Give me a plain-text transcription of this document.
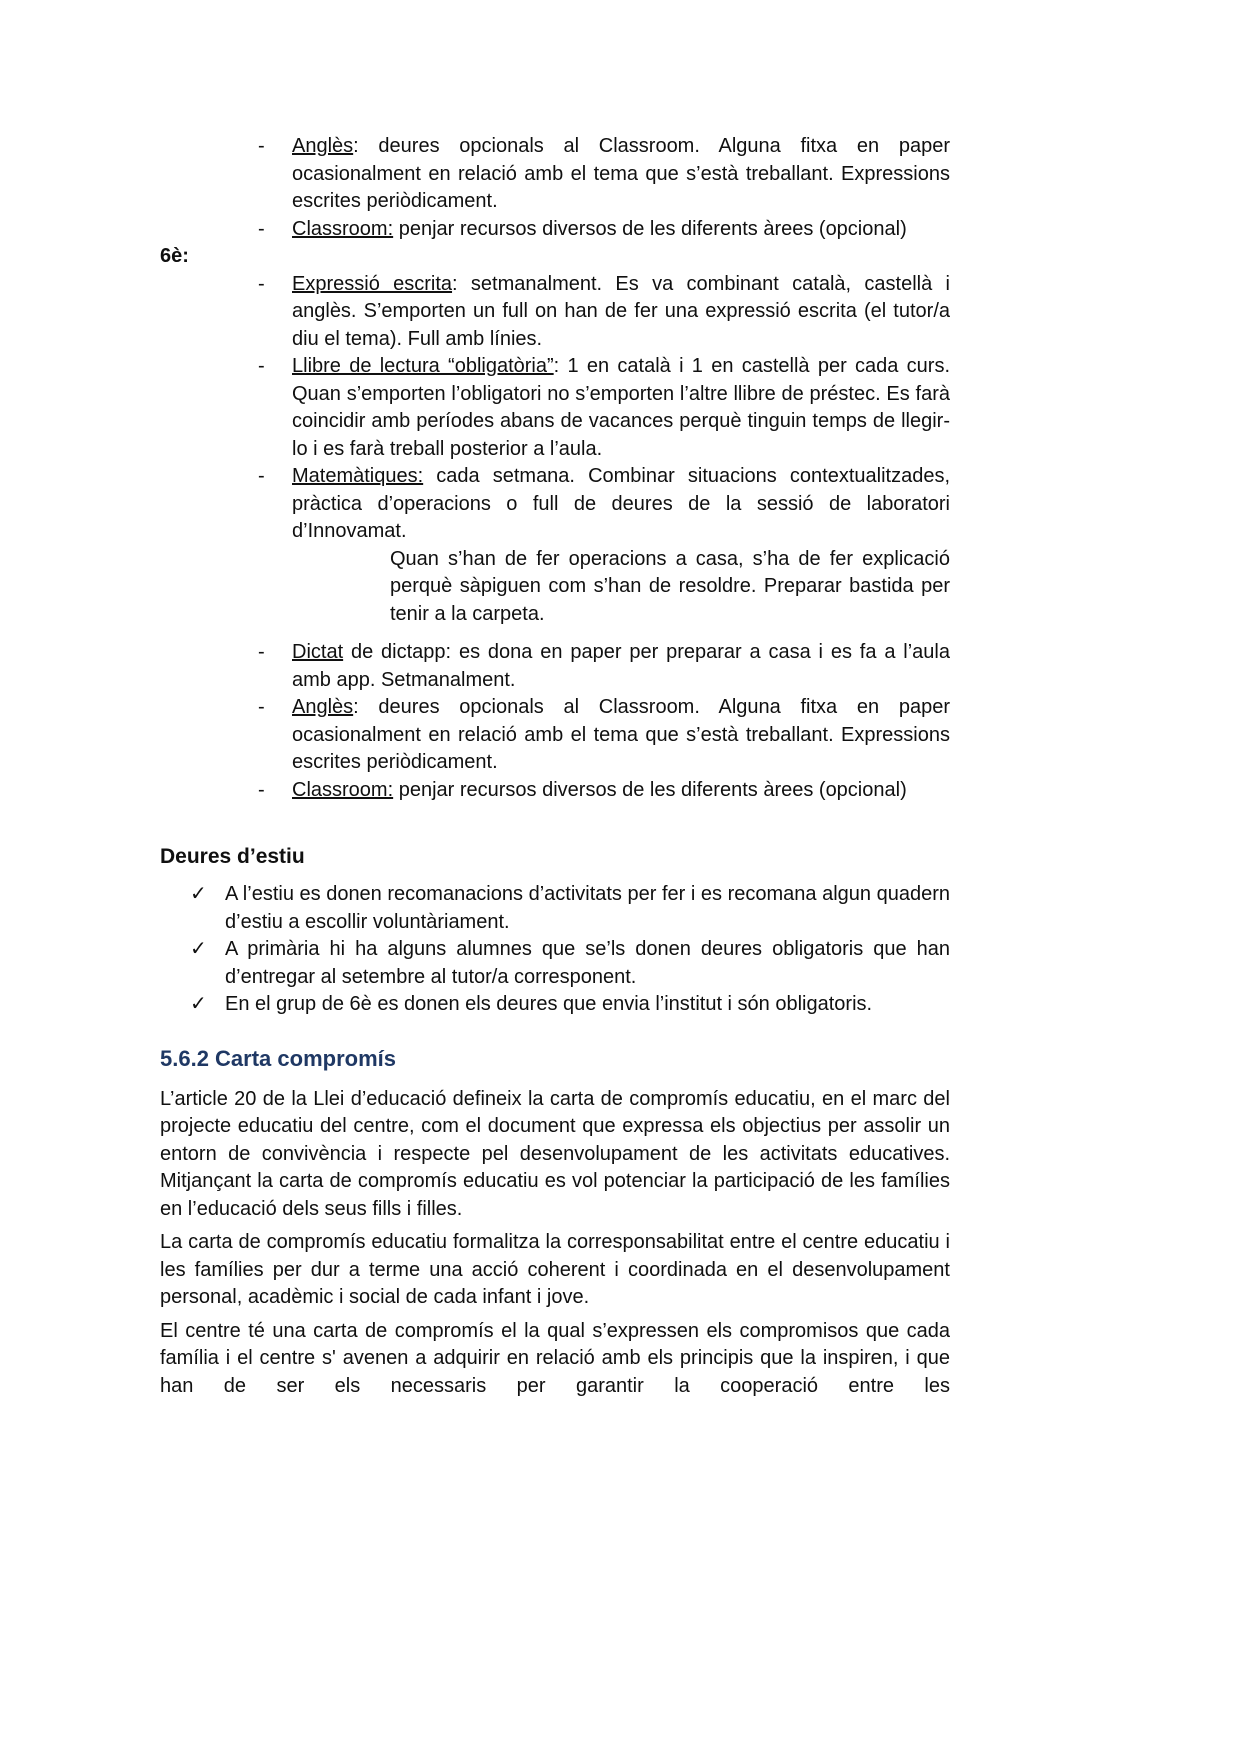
-	Anglès: deures opcionals al Classroom. Alguna fitxa en paper ocasionalment en relació amb el tema que s’està treballant. Expressions escrites periòdicament.
-	Classroom: penjar recursos diversos de les diferents àrees (opcional)
6è:
-	Expressió escrita: setmanalment. Es va combinant català, castellà i anglès. S’emporten un full on han de fer una expressió escrita (el tutor/a diu el tema). Full amb línies.
-	Llibre de lectura “obligatòria”: 1 en català i 1 en castellà per cada curs. Quan s’emporten l’obligatori no s’emporten l’altre llibre de préstec. Es farà coincidir amb períodes abans de vacances perquè tinguin temps de llegir-lo i es farà treball posterior a l’aula.
-	Matemàtiques: cada setmana. Combinar situacions contextualitzades, pràctica d’operacions o full de deures de la sessió de laboratori d’Innovamat.
Quan s’han de fer operacions a casa, s’ha de fer explicació perquè sàpiguen com s’han de resoldre. Preparar bastida per tenir a la carpeta.
-	Dictat de dictapp: es dona en paper per preparar a casa i es fa a l’aula amb app. Setmanalment.
-	Anglès: deures opcionals al Classroom. Alguna fitxa en paper ocasionalment en relació amb el tema que s’està treballant. Expressions escrites periòdicament.
-	Classroom: penjar recursos diversos de les diferents àrees (opcional)
Deures d’estiu
✓ A l’estiu es donen recomanacions d’activitats per fer i es recomana algun quadern d’estiu a escollir voluntàriament.
✓ A primària hi ha alguns alumnes que se’ls donen deures obligatoris que han d’entregar al setembre al tutor/a corresponent.
✓ En el grup de 6è es donen els deures que envia l’institut i són obligatoris.
5.6.2 Carta compromís

L’article 20 de la Llei d’educació defineix la carta de compromís educatiu, en el marc del projecte educatiu del centre, com el document que expressa els objectius per assolir un entorn de convivència i respecte pel desenvolupament de les activitats educatives. Mitjançant la carta de compromís educatiu es vol potenciar la participació de les famílies en l’educació dels seus fills i filles.

La carta de compromís educatiu formalitza la corresponsabilitat entre el centre educatiu i les famílies per dur a terme una acció coherent i coordinada en el desenvolupament personal, acadèmic i social de cada infant i jove.

El centre té una carta de compromís el la qual s’expressen els compromisos que cada família i el centre s' avenen a adquirir en relació amb els principis que la inspiren, i que han de ser els necessaris per garantir la cooperació entre les
